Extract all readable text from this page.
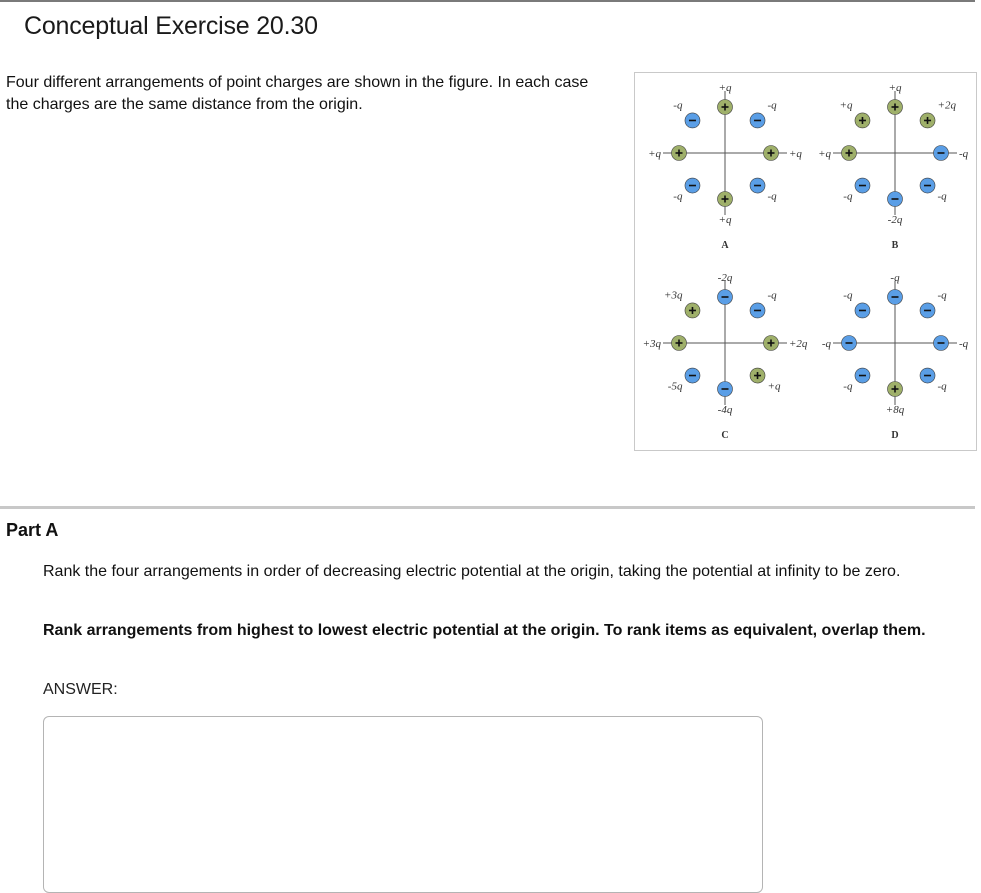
Conceptual Exercise 20.30
Four different arrangements of point charges are shown in the figure. In each case the charges are the same distance from the origin.
+q
-q
+q
-q
+q
-q
+q
-q
A
+q
+2q
-q
-q
-2q
-q
+q
+q
B
-2q
-q
+2q
+q
-4q
-5q
+3q
+3q
C
-q
-q
-q
-q
+8q
-q
-q
-q
D
Part A
Rank the four arrangements in order of decreasing electric potential at the origin, taking the potential at infinity to be zero.
Rank arrangements from highest to lowest electric potential at the origin. To rank items as equivalent, overlap them.
ANSWER:
